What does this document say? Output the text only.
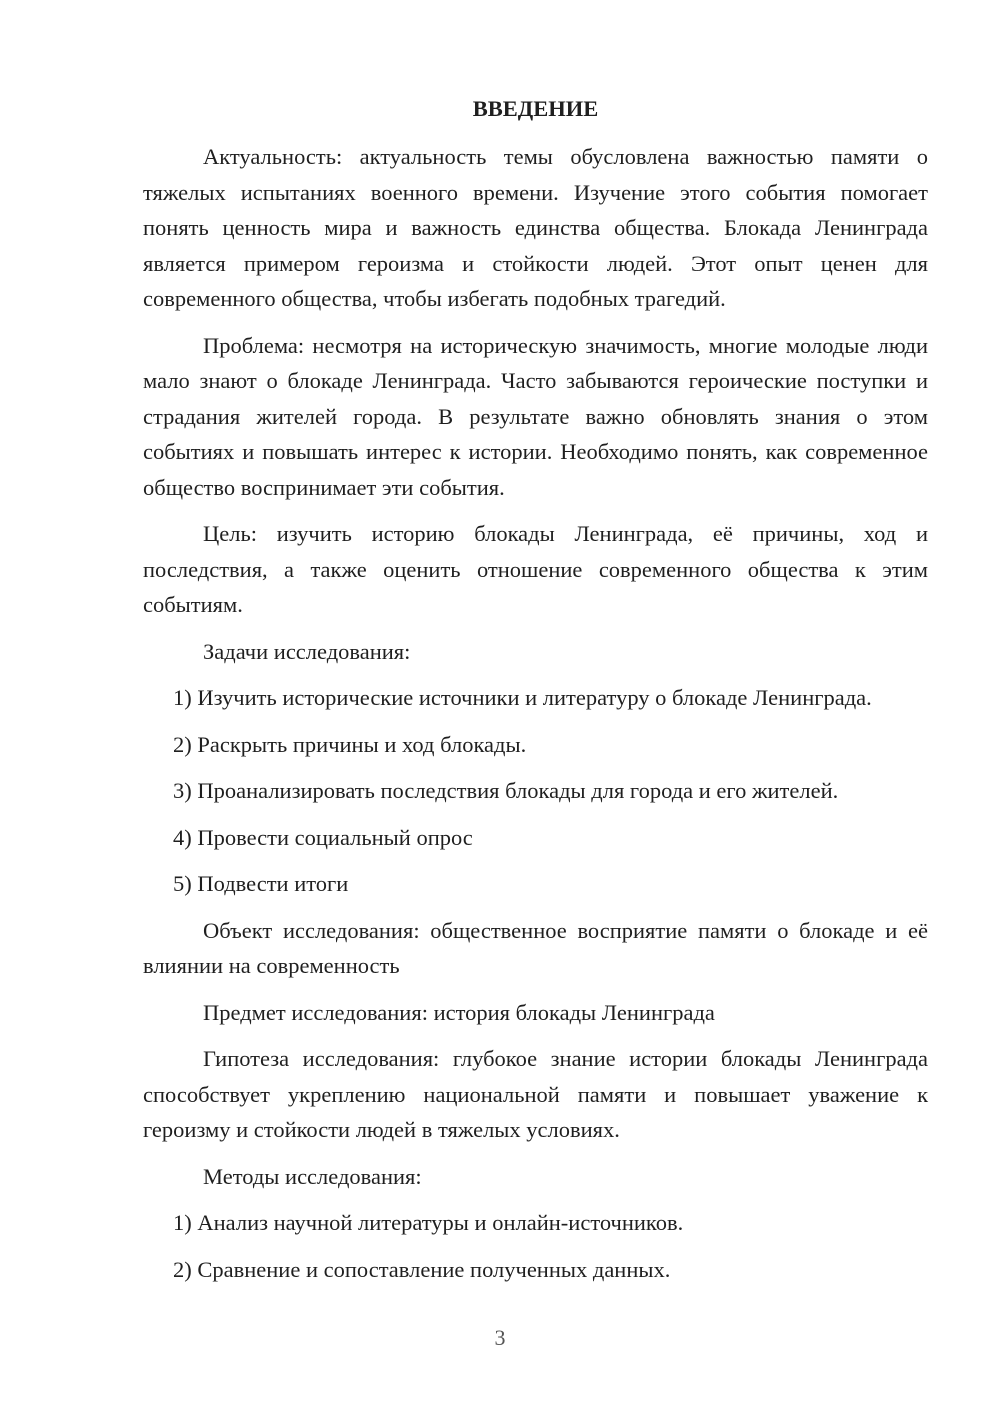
ВВЕДЕНИЕ
Актуальность: актуальность темы обусловлена важностью памяти о тяжелых испытаниях военного времени. Изучение этого события помогает понять ценность мира и важность единства общества. Блокада Ленинграда является примером героизма и стойкости людей. Этот опыт ценен для современного общества, чтобы избегать подобных трагедий.
Проблема: несмотря на историческую значимость, многие молодые люди мало знают о блокаде Ленинграда. Часто забываются героические поступки и страдания жителей города. В результате важно обновлять знания о этом событиях и повышать интерес к истории. Необходимо понять, как современное общество воспринимает эти события.
Цель: изучить историю блокады Ленинграда, её причины, ход и последствия, а также оценить отношение современного общества к этим событиям.
Задачи исследования:
1) Изучить исторические источники и литературу о блокаде Ленинграда.
2) Раскрыть причины и ход блокады.
3) Проанализировать последствия блокады для города и его жителей.
4) Провести социальный опрос
5) Подвести итоги
Объект исследования: общественное восприятие памяти о блокаде и её влиянии на современность
Предмет исследования: история блокады Ленинграда
Гипотеза исследования: глубокое знание истории блокады Ленинграда способствует укреплению национальной памяти и повышает уважение к героизму и стойкости людей в тяжелых условиях.
Методы исследования:
1) Анализ научной литературы и онлайн-источников.
2) Сравнение и сопоставление полученных данных.
3
